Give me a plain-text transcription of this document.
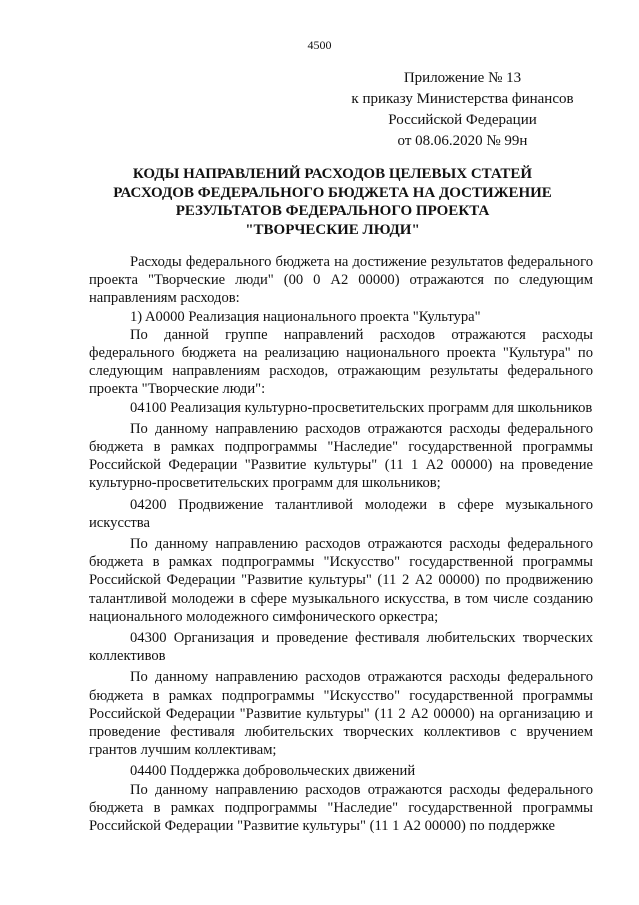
4500
Приложение № 13
к приказу Министерства финансов
Российской Федерации
от 08.06.2020 № 99н
КОДЫ НАПРАВЛЕНИЙ РАСХОДОВ ЦЕЛЕВЫХ СТАТЕЙ
РАСХОДОВ ФЕДЕРАЛЬНОГО БЮДЖЕТА НА ДОСТИЖЕНИЕ
РЕЗУЛЬТАТОВ ФЕДЕРАЛЬНОГО ПРОЕКТА
"ТВОРЧЕСКИЕ ЛЮДИ"

Расходы федерального бюджета на достижение результатов федерального проекта "Творческие люди" (00 0 A2 00000) отражаются по следующим направлениям расходов:

1) A0000 Реализация национального проекта "Культура"

По данной группе направлений расходов отражаются расходы федерального бюджета на реализацию национального проекта "Культура" по следующим направлениям расходов, отражающим результаты федерального проекта "Творческие люди":

04100 Реализация культурно-просветительских программ для школьников

По данному направлению расходов отражаются расходы федерального бюджета в рамках подпрограммы "Наследие" государственной программы Российской Федерации "Развитие культуры" (11 1 A2 00000) на проведение культурно-просветительских программ для школьников;

04200 Продвижение талантливой молодежи в сфере музыкального искусства

По данному направлению расходов отражаются расходы федерального бюджета в рамках подпрограммы "Искусство" государственной программы Российской Федерации "Развитие культуры" (11 2 A2 00000) по продвижению талантливой молодежи в сфере музыкального искусства, в том числе созданию национального молодежного симфонического оркестра;

04300 Организация и проведение фестиваля любительских творческих коллективов

По данному направлению расходов отражаются расходы федерального бюджета в рамках подпрограммы "Искусство" государственной программы Российской Федерации "Развитие культуры" (11 2 A2 00000) на организацию и проведение фестиваля любительских творческих коллективов с вручением грантов лучшим коллективам;

04400 Поддержка добровольческих движений

По данному направлению расходов отражаются расходы федерального бюджета в рамках подпрограммы "Наследие" государственной программы Российской Федерации "Развитие культуры" (11 1 A2 00000) по поддержке
